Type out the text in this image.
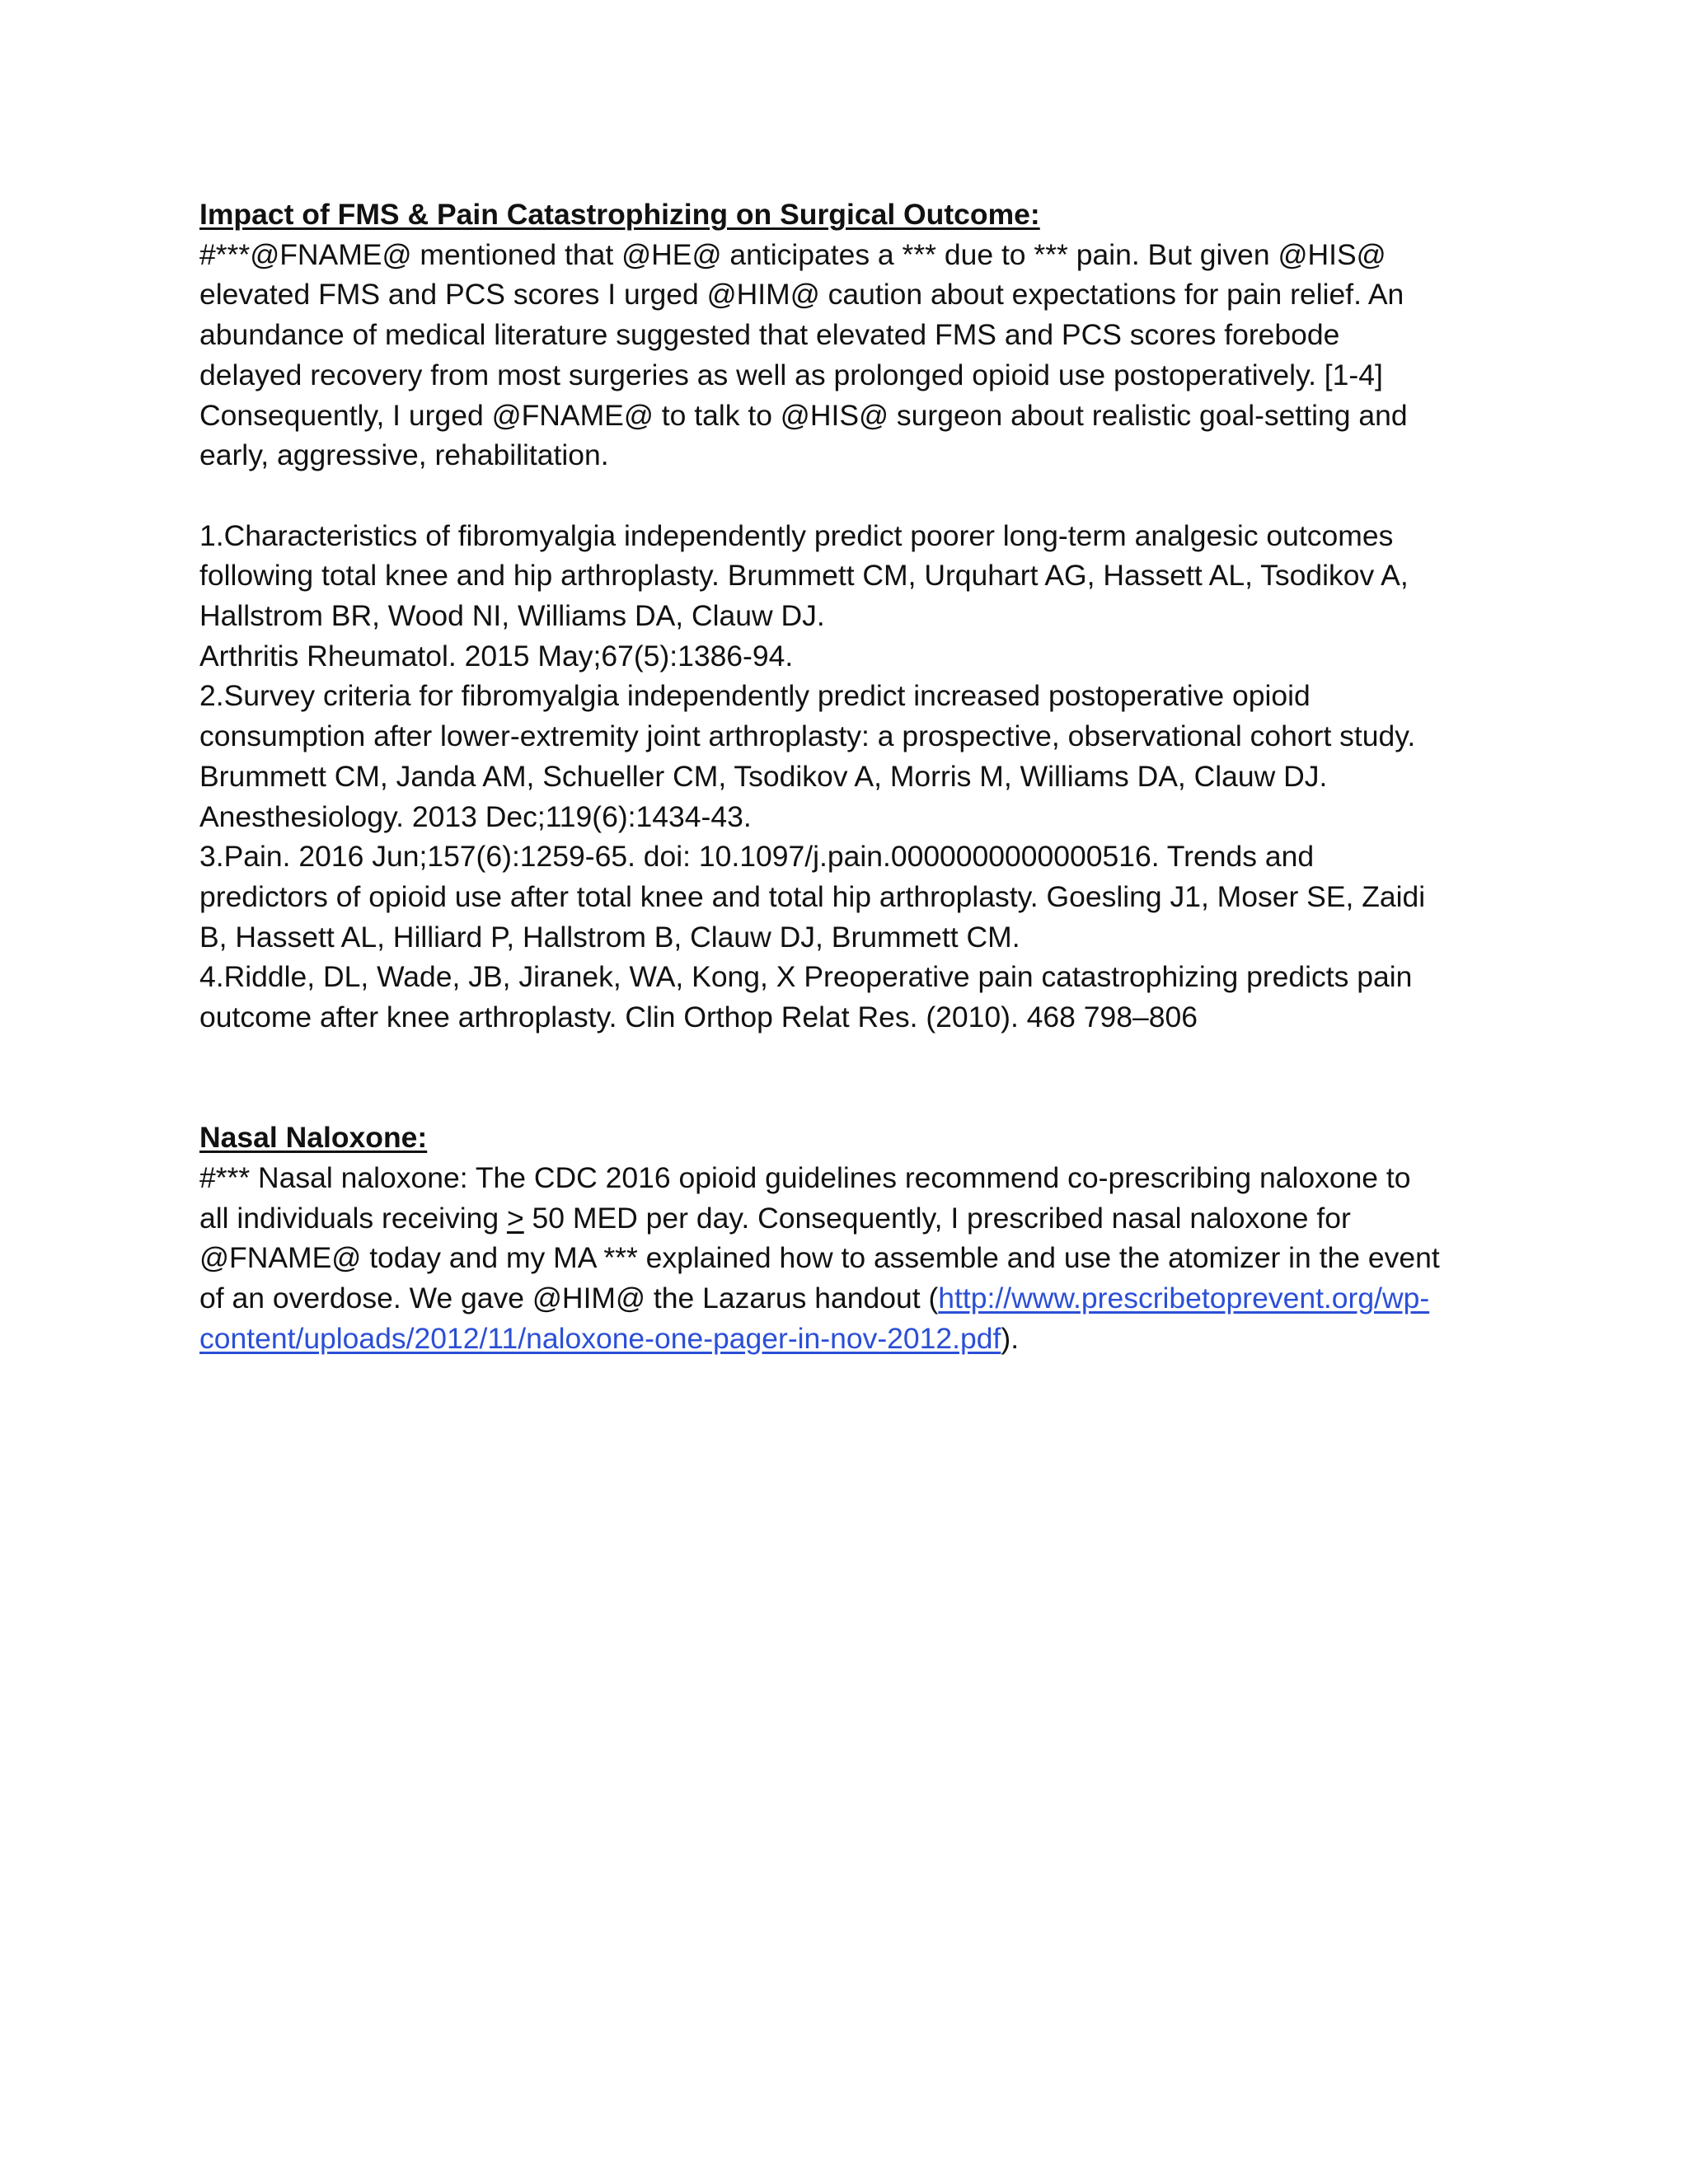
Impact of FMS & Pain Catastrophizing on Surgical Outcome:
#***@FNAME@ mentioned that @HE@ anticipates a *** due to *** pain. But given @HIS@
elevated FMS and PCS scores I urged @HIM@ caution about expectations for pain relief. An
abundance of medical literature suggested that elevated FMS and PCS scores forebode
delayed recovery from most surgeries as well as prolonged opioid use postoperatively. [1-4]
Consequently, I urged @FNAME@ to talk to @HIS@ surgeon about realistic goal-setting and
early, aggressive, rehabilitation.
1.Characteristics of fibromyalgia independently predict poorer long-term analgesic outcomes
following total knee and hip arthroplasty. Brummett CM, Urquhart AG, Hassett AL, Tsodikov A,
Hallstrom BR, Wood NI, Williams DA, Clauw DJ.
Arthritis Rheumatol. 2015 May;67(5):1386-94.
2.Survey criteria for fibromyalgia independently predict increased postoperative opioid
consumption after lower-extremity joint arthroplasty: a prospective, observational cohort study.
Brummett CM, Janda AM, Schueller CM, Tsodikov A, Morris M, Williams DA, Clauw DJ.
Anesthesiology. 2013 Dec;119(6):1434-43.
3.Pain. 2016 Jun;157(6):1259-65. doi: 10.1097/j.pain.0000000000000516. Trends and
predictors of opioid use after total knee and total hip arthroplasty. Goesling J1, Moser SE, Zaidi
B, Hassett AL, Hilliard P, Hallstrom B, Clauw DJ, Brummett CM.
4.Riddle, DL, Wade, JB, Jiranek, WA, Kong, X Preoperative pain catastrophizing predicts pain
outcome after knee arthroplasty. Clin Orthop Relat Res. (2010). 468 798–806
Nasal Naloxone:
#*** Nasal naloxone: The CDC 2016 opioid guidelines recommend co-prescribing naloxone to
all individuals receiving ≥ 50 MED per day. Consequently, I prescribed nasal naloxone for
@FNAME@ today and my MA *** explained how to assemble and use the atomizer in the event
of an overdose. We gave @HIM@ the Lazarus handout (http://www.prescribetoprevent.org/wp-
content/uploads/2012/11/naloxone-one-pager-in-nov-2012.pdf).
